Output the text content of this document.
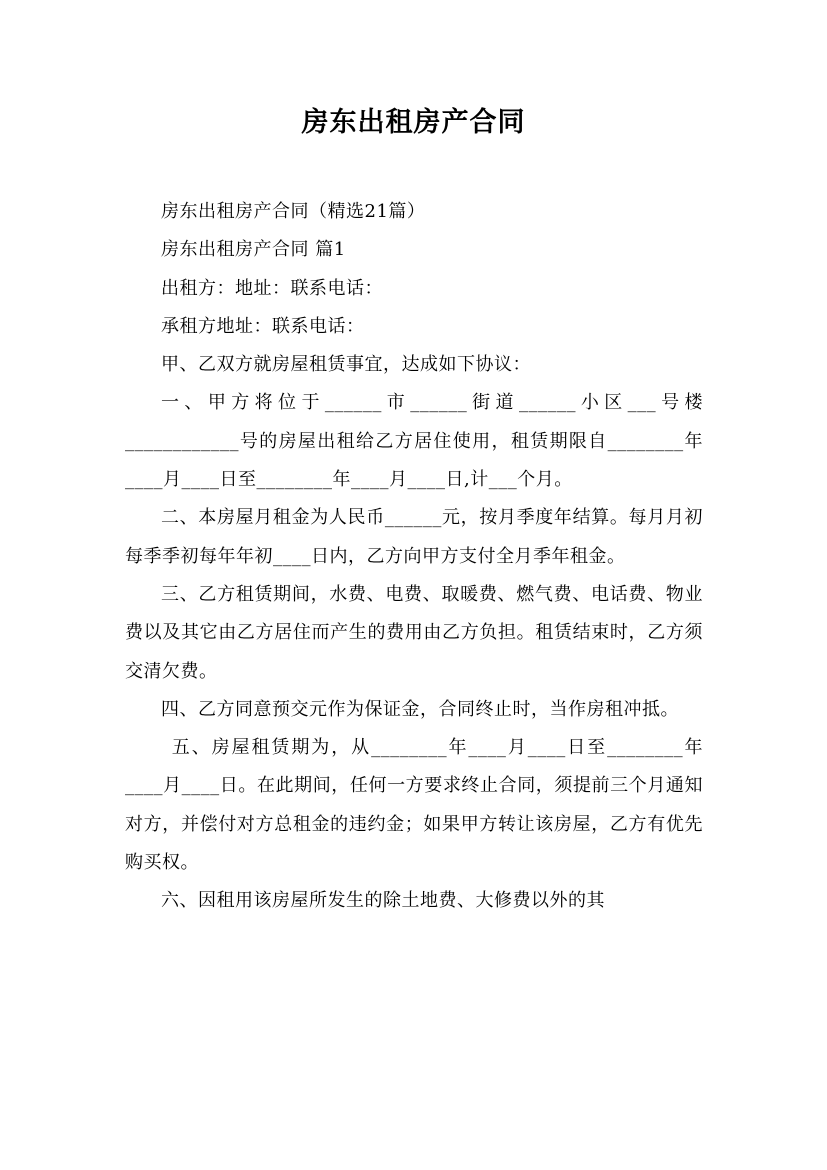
房东出租房产合同

房东出租房产合同（精选21篇）

房东出租房产合同 篇1

出租方：地址：联系电话：

承租方地址：联系电话：

甲、乙双方就房屋租赁事宜，达成如下协议：

一、甲方将位于______市______街道______小区___号楼____________号的房屋出租给乙方居住使用，租赁期限自________年____月____日至________年____月____日,计___个月。

二、本房屋月租金为人民币______元，按月季度年结算。每月月初每季季初每年年初____日内，乙方向甲方支付全月季年租金。

三、乙方租赁期间，水费、电费、取暖费、燃气费、电话费、物业费以及其它由乙方居住而产生的费用由乙方负担。租赁结束时，乙方须交清欠费。

四、乙方同意预交元作为保证金，合同终止时，当作房租冲抵。

五、房屋租赁期为，从________年____月____日至________年____月____日。在此期间，任何一方要求终止合同，须提前三个月通知对方，并偿付对方总租金的违约金；如果甲方转让该房屋，乙方有优先购买权。

六、因租用该房屋所发生的除土地费、大修费以外的其
